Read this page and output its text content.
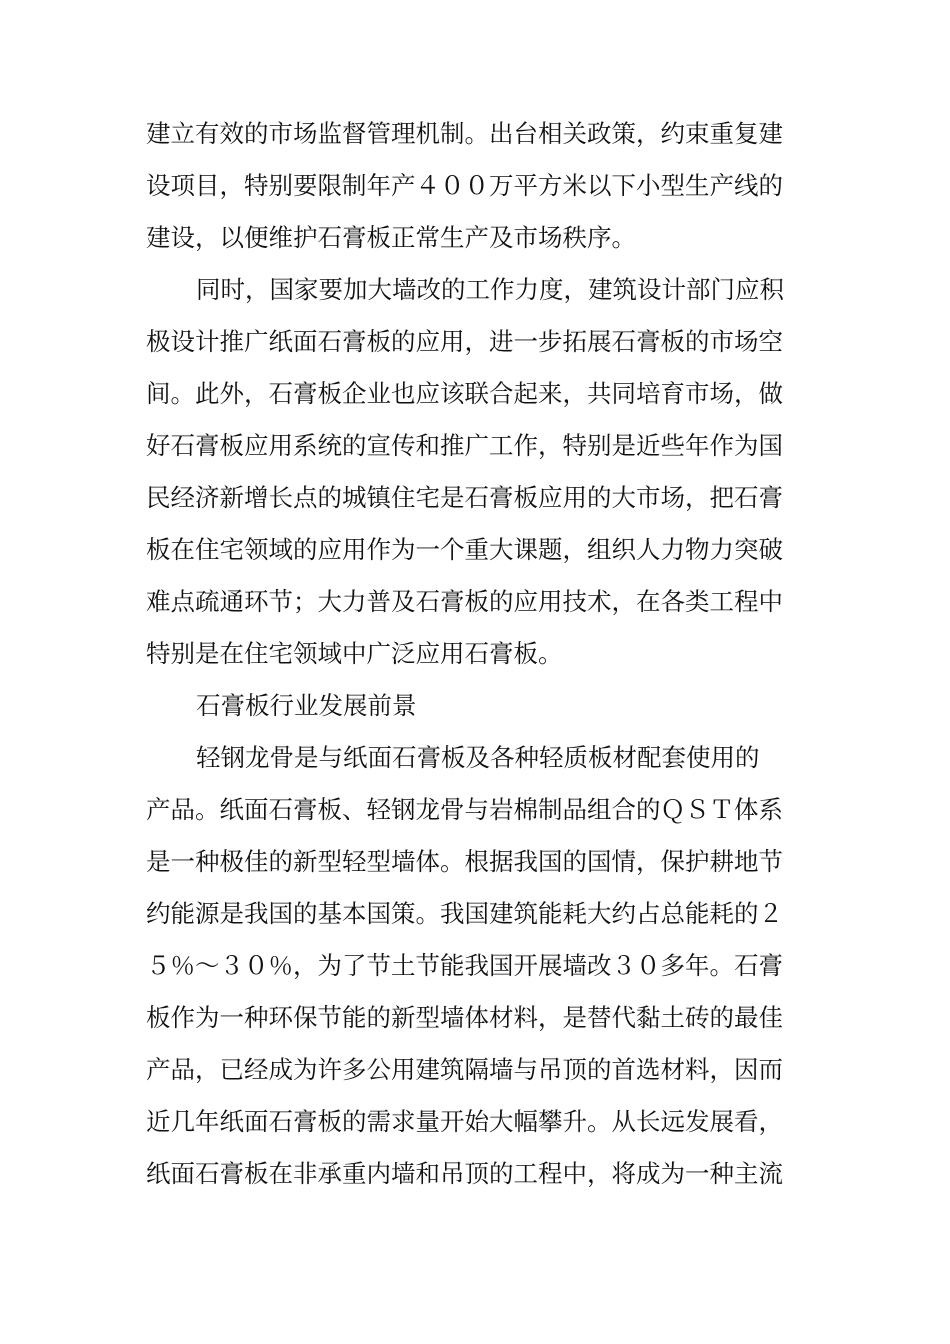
建立有效的市场监督管理机制。出台相关政策，约束重复建
设项目，特别要限制年产４００万平方米以下小型生产线的
建设，以便维护石膏板正常生产及市场秩序。
同时，国家要加大墙改的工作力度，建筑设计部门应积
极设计推广纸面石膏板的应用，进一步拓展石膏板的市场空
间。此外，石膏板企业也应该联合起来，共同培育市场，做
好石膏板应用系统的宣传和推广工作，特别是近些年作为国
民经济新增长点的城镇住宅是石膏板应用的大市场，把石膏
板在住宅领域的应用作为一个重大课题，组织人力物力突破
难点疏通环节；大力普及石膏板的应用技术，在各类工程中
特别是在住宅领域中广泛应用石膏板。
石膏板行业发展前景
轻钢龙骨是与纸面石膏板及各种轻质板材配套使用的
产品。纸面石膏板、轻钢龙骨与岩棉制品组合的ＱＳＴ体系
是一种极佳的新型轻型墙体。根据我国的国情，保护耕地节
约能源是我国的基本国策。我国建筑能耗大约占总能耗的２
５％～３０％，为了节土节能我国开展墙改３０多年。石膏
板作为一种环保节能的新型墙体材料，是替代黏土砖的最佳
产品，已经成为许多公用建筑隔墙与吊顶的首选材料，因而
近几年纸面石膏板的需求量开始大幅攀升。从长远发展看，
纸面石膏板在非承重内墙和吊顶的工程中，将成为一种主流
